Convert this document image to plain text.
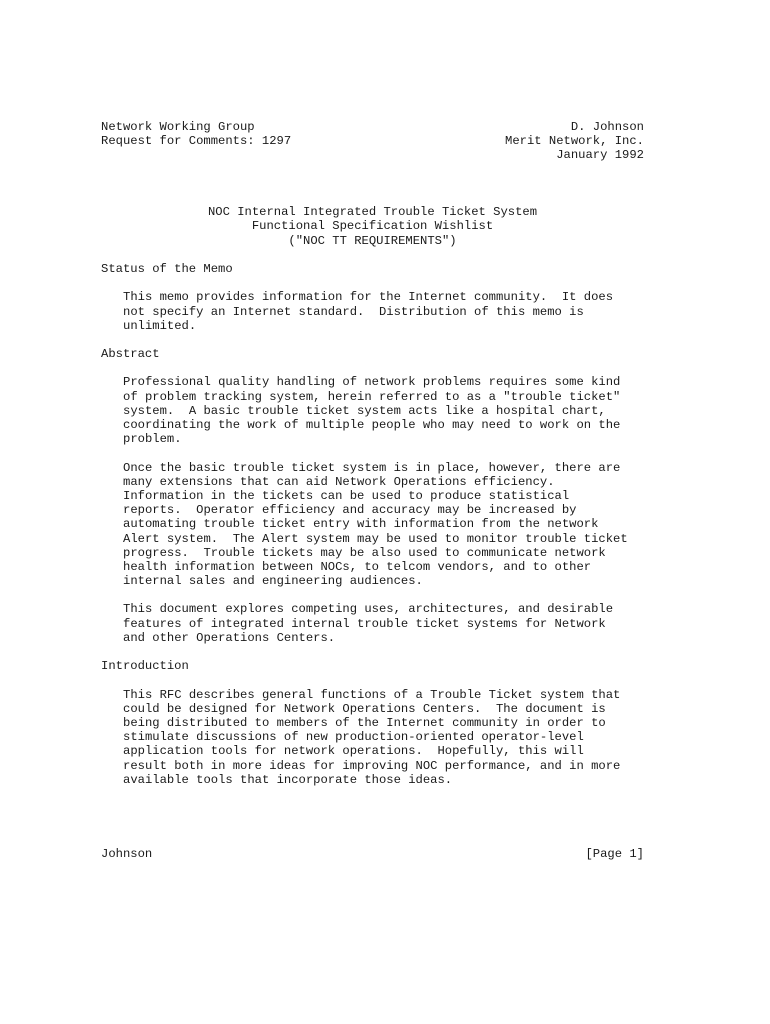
Network Working Group	D. Johnson
Request for Comments: 1297	Merit Network, Inc.
January 1992
NOC Internal Integrated Trouble Ticket System
Functional Specification Wishlist
("NOC TT REQUIREMENTS")
Status of the Memo
This memo provides information for the Internet community.  It does
not specify an Internet standard.  Distribution of this memo is
unlimited.
Abstract
Professional quality handling of network problems requires some kind
of problem tracking system, herein referred to as a "trouble ticket"
system.  A basic trouble ticket system acts like a hospital chart,
coordinating the work of multiple people who may need to work on the
problem.
Once the basic trouble ticket system is in place, however, there are
many extensions that can aid Network Operations efficiency.
Information in the tickets can be used to produce statistical
reports.  Operator efficiency and accuracy may be increased by
automating trouble ticket entry with information from the network
Alert system.  The Alert system may be used to monitor trouble ticket
progress.  Trouble tickets may be also used to communicate network
health information between NOCs, to telcom vendors, and to other
internal sales and engineering audiences.
This document explores competing uses, architectures, and desirable
features of integrated internal trouble ticket systems for Network
and other Operations Centers.
Introduction
This RFC describes general functions of a Trouble Ticket system that
could be designed for Network Operations Centers.  The document is
being distributed to members of the Internet community in order to
stimulate discussions of new production-oriented operator-level
application tools for network operations.  Hopefully, this will
result both in more ideas for improving NOC performance, and in more
available tools that incorporate those ideas.
Johnson	[Page 1]
